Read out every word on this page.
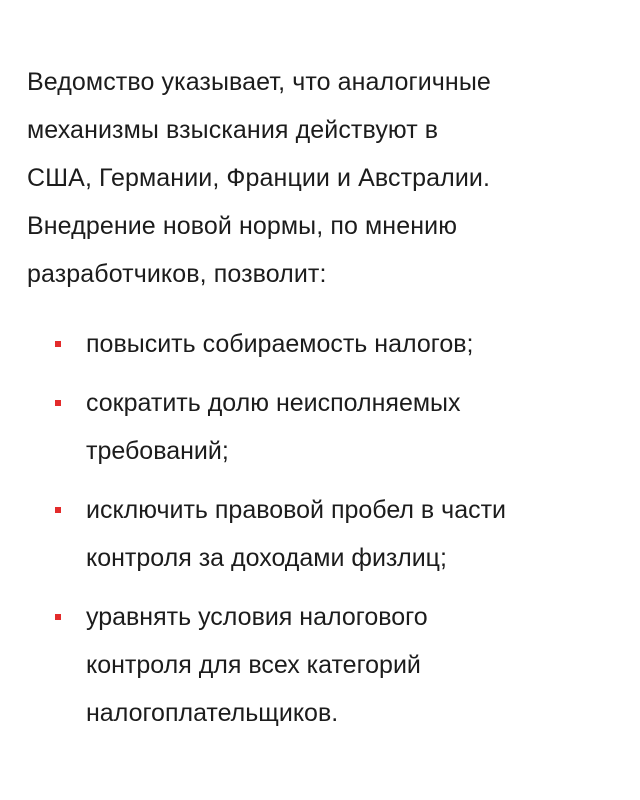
Ведомство указывает, что аналогичные
механизмы взыскания действуют в
США, Германии, Франции и Австралии.
Внедрение новой нормы, по мнению
разработчиков, позволит:

повысить собираемость налогов;
сократить долю неисполняемых
требований;
исключить правовой пробел в части
контроля за доходами физлиц;
уравнять условия налогового
контроля для всех категорий
налогоплательщиков.
